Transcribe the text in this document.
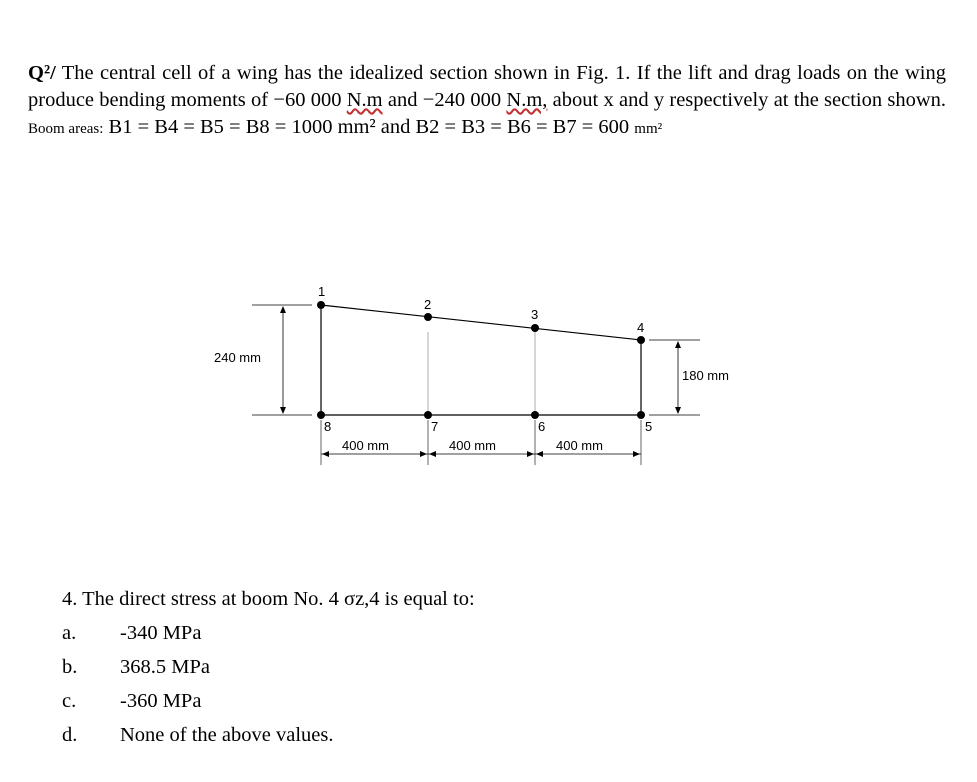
Q²/ The central cell of a wing has the idealized section shown in Fig. 1. If the lift and drag loads on the wing produce bending moments of −60 000 N.m and −240 000 N.m, about x and y respectively at the section shown. Boom areas: B1 = B4 = B5 = B8 = 1000 mm² and B2 = B3 = B6 = B7 = 600 mm²
1
2
3
4
5
6
7
8
240 mm
180 mm
400 mm	400 mm	400 mm
4. The direct stress at boom No. 4 σz,4 is equal to:
a.	-340 MPa
b.	368.5 MPa
c.	-360 MPa
d.	None of the above values.
